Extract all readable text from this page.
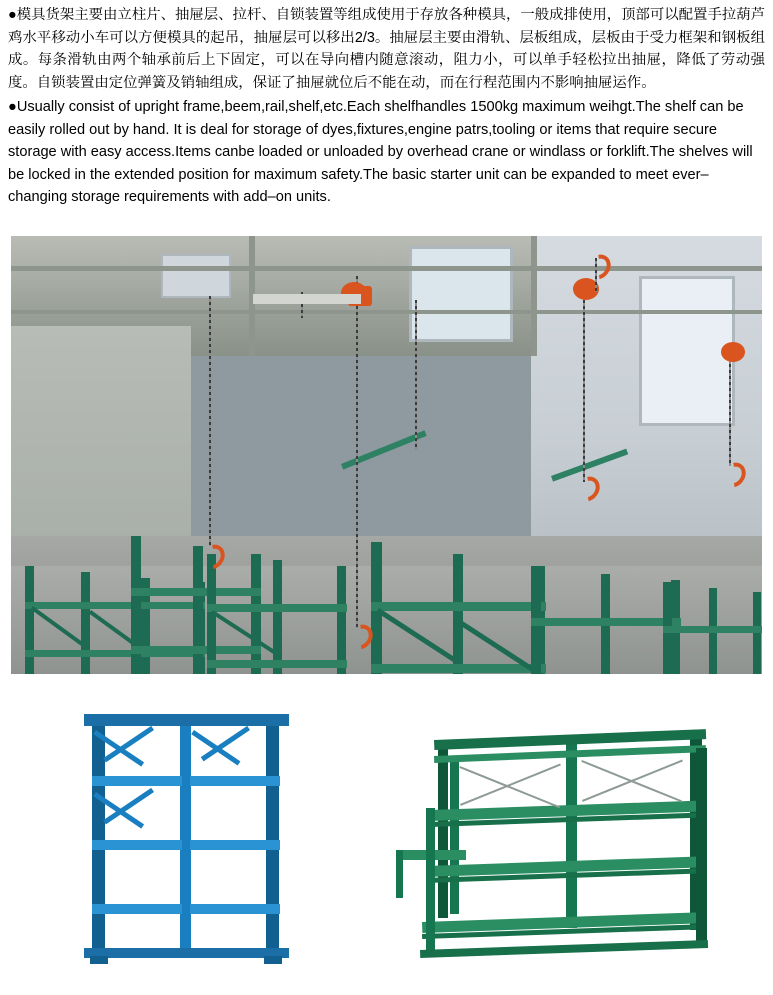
●模具货架主要由立柱片、抽屉层、拉杆、自锁装置等组成使用于存放各种模具，一般成排使用，顶部可以配置手拉葫芦鸡水平移动小车可以方便模具的起吊，抽屉层可以移出2/3。抽屉层主要由滑轨、层板组成，层板由于受力框架和钢板组成。每条滑轨由两个轴承前后上下固定，可以在导向槽内随意滚动，阻力小，可以单手轻松拉出抽屉，降低了劳动强度。自锁装置由定位弹簧及销轴组成，保证了抽屉就位后不能在动，而在行程范围内不影响抽屉运作。

●Usually consist of upright frame,beem,rail,shelf,etc.Each shelfhandles 1500kg maximum weihgt.The shelf can be easily rolled out by hand. It is deal for storage of dyes,fixtures,engine patrs,tooling or items that require secure storage with easy access.Items canbe loaded or unloaded by overhead crane or windlass or forklift.The shelves will be locked in the extended position for maximum safety.The basic starter unit can be expanded to meet ever–changing storage requirements with add–on units.
